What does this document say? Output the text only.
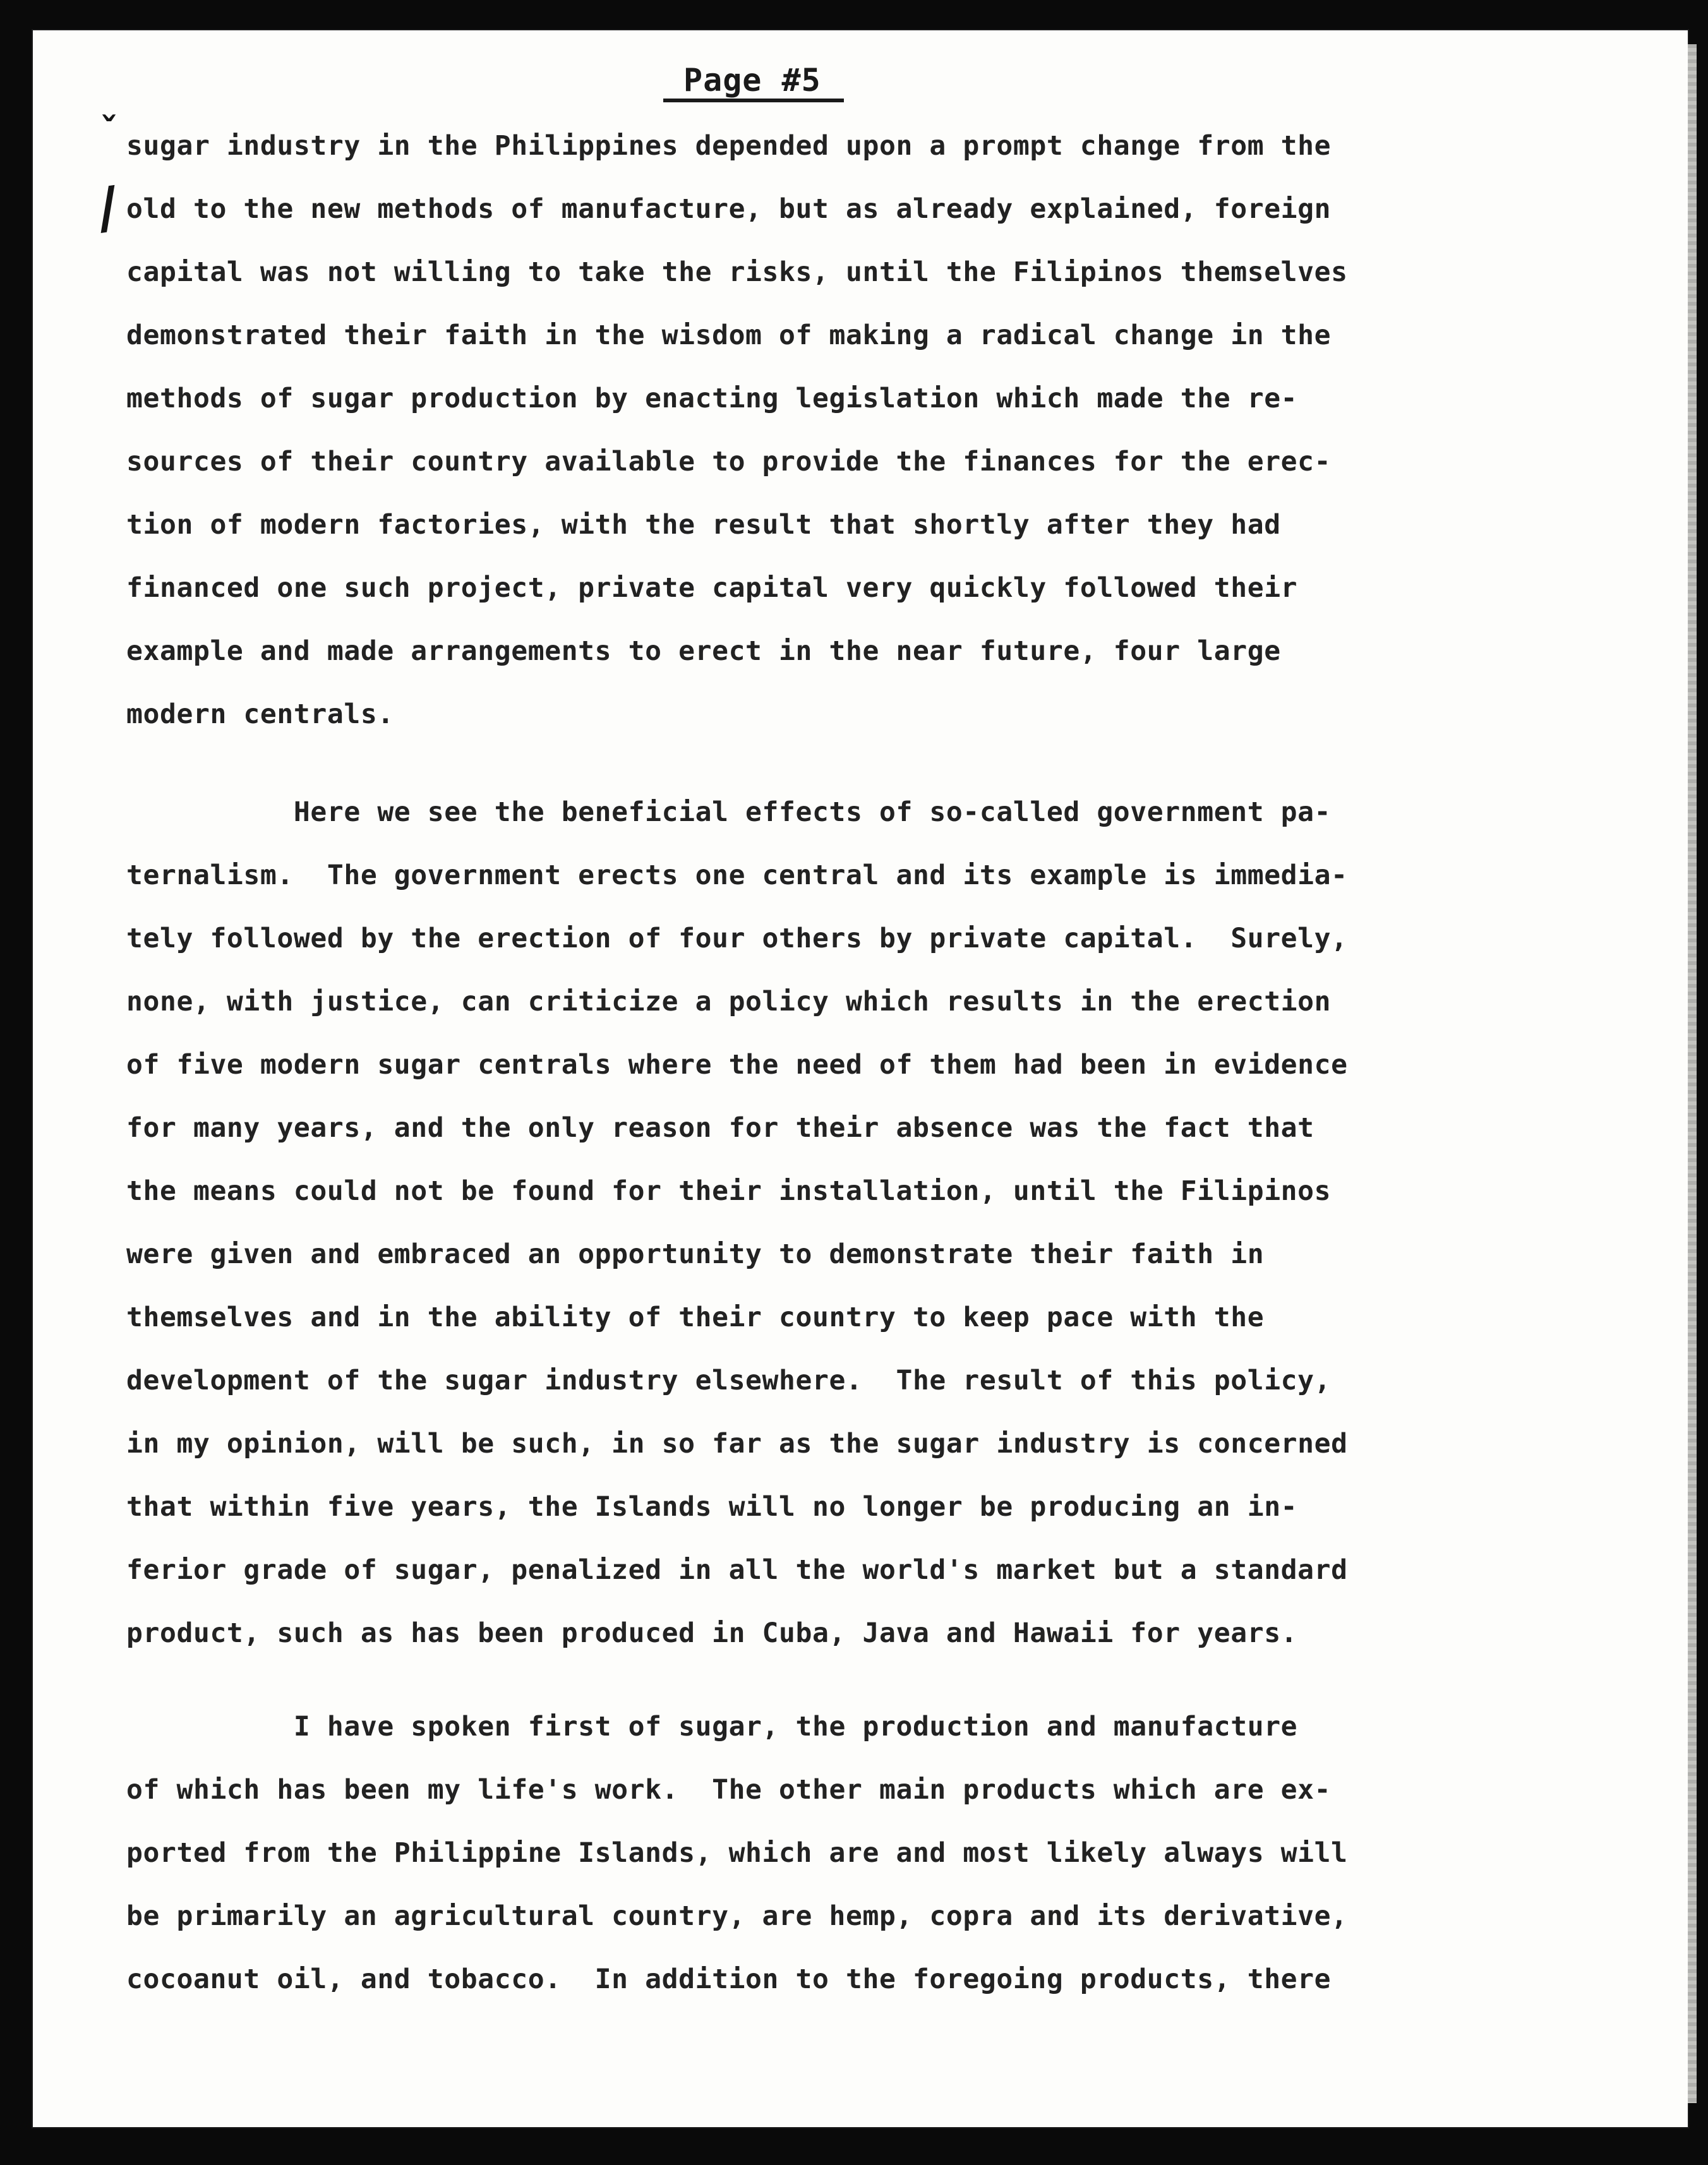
Page #5
ˇ
∕

sugar industry in the Philippines depended upon a prompt change from the
old to the new methods of manufacture, but as already explained, foreign
capital was not willing to take the risks, until the Filipinos themselves
demonstrated their faith in the wisdom of making a radical change in the
methods of sugar production by enacting legislation which made the re-
sources of their country available to provide the finances for the erec-
tion of modern factories, with the result that shortly after they had
financed one such project, private capital very quickly followed their
example and made arrangements to erect in the near future, four large
modern centrals.

Here we see the beneficial effects of so-called government pa-
ternalism.  The government erects one central and its example is immedia-
tely followed by the erection of four others by private capital.  Surely,
none, with justice, can criticize a policy which results in the erection
of five modern sugar centrals where the need of them had been in evidence
for many years, and the only reason for their absence was the fact that
the means could not be found for their installation, until the Filipinos
were given and embraced an opportunity to demonstrate their faith in
themselves and in the ability of their country to keep pace with the
development of the sugar industry elsewhere.  The result of this policy,
in my opinion, will be such, in so far as the sugar industry is concerned
that within five years, the Islands will no longer be producing an in-
ferior grade of sugar, penalized in all the world's market but a standard
product, such as has been produced in Cuba, Java and Hawaii for years.

I have spoken first of sugar, the production and manufacture
of which has been my life's work.  The other main products which are ex-
ported from the Philippine Islands, which are and most likely always will
be primarily an agricultural country, are hemp, copra and its derivative,
cocoanut oil, and tobacco.  In addition to the foregoing products, there
